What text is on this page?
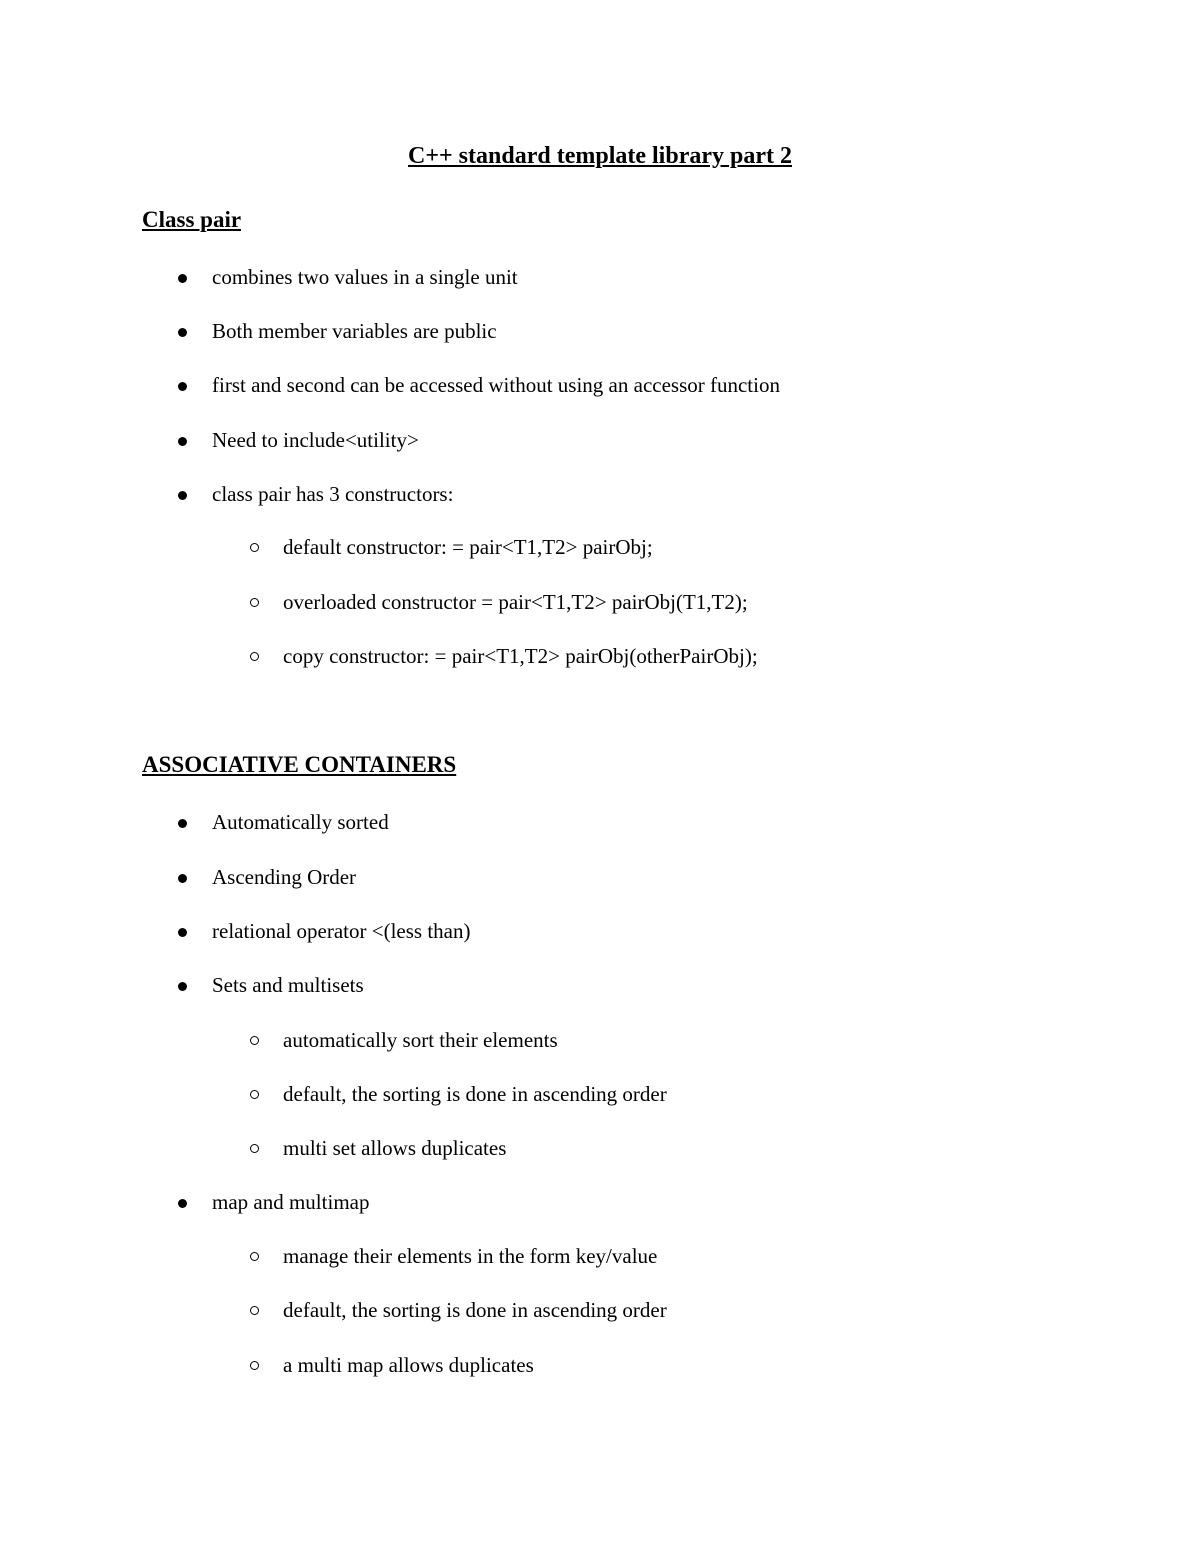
C++ standard template library part 2
Class pair
combines two values in a single unit
Both member variables are public
first and second can be accessed without using an accessor function
Need to include<utility>
class pair has 3 constructors:
default constructor: = pair<T1,T2> pairObj;
overloaded constructor = pair<T1,T2> pairObj(T1,T2);
copy constructor: = pair<T1,T2> pairObj(otherPairObj);
ASSOCIATIVE CONTAINERS
Automatically sorted
Ascending Order
relational operator <(less than)
Sets and multisets
automatically sort their elements
default, the sorting is done in ascending order
multi set allows duplicates
map and multimap
manage their elements in the form key/value
default, the sorting is done in ascending order
a multi map allows duplicates
